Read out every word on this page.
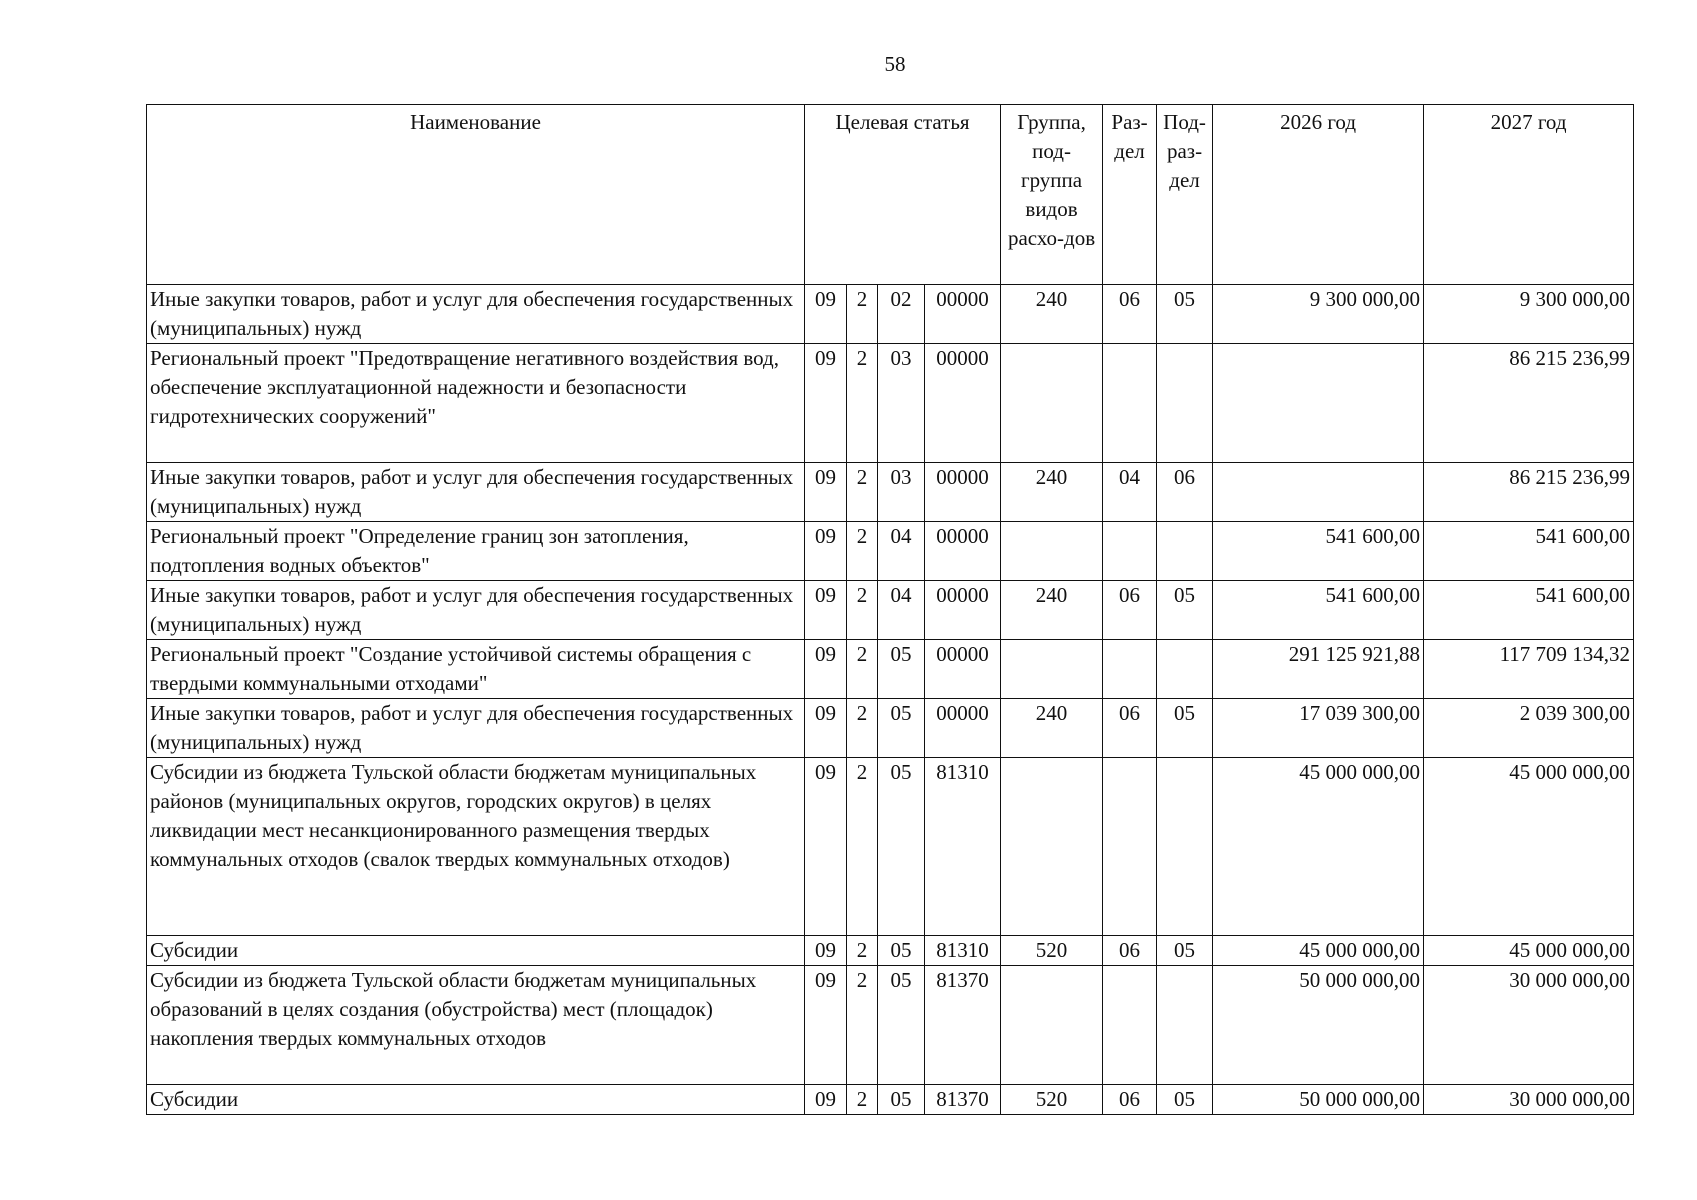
58
Наименование	Целевая статья				Группа, под-группа видов расхо-дов	Раз-дел	Под-раз-дел	2026 год	2027 год
Иные закупки товаров, работ и услуг для обеспечения государственных (муниципальных) нужд	09	2	02	00000	240	06	05	9 300 000,00	9 300 000,00
Региональный проект "Предотвращение негативного воздействия вод, обеспечение эксплуатационной надежности и безопасности гидротехнических сооружений"	09	2	03	00000					86 215 236,99
Иные закупки товаров, работ и услуг для обеспечения государственных (муниципальных) нужд	09	2	03	00000	240	04	06		86 215 236,99
Региональный проект "Определение границ зон затопления, подтопления водных объектов"	09	2	04	00000				541 600,00	541 600,00
Иные закупки товаров, работ и услуг для обеспечения государственных (муниципальных) нужд	09	2	04	00000	240	06	05	541 600,00	541 600,00
Региональный проект "Создание устойчивой системы обращения с твердыми коммунальными отходами"	09	2	05	00000				291 125 921,88	117 709 134,32
Иные закупки товаров, работ и услуг для обеспечения государственных (муниципальных) нужд	09	2	05	00000	240	06	05	17 039 300,00	2 039 300,00
Субсидии из бюджета Тульской области бюджетам муниципальных районов (муниципальных округов, городских округов) в целях ликвидации мест несанкционированного размещения твердых коммунальных отходов (свалок твердых коммунальных отходов)	09	2	05	81310				45 000 000,00	45 000 000,00
Субсидии	09	2	05	81310	520	06	05	45 000 000,00	45 000 000,00
Субсидии из бюджета Тульской области бюджетам муниципальных образований в целях создания (обустройства) мест (площадок) накопления твердых коммунальных отходов	09	2	05	81370				50 000 000,00	30 000 000,00
Субсидии	09	2	05	81370	520	06	05	50 000 000,00	30 000 000,00
